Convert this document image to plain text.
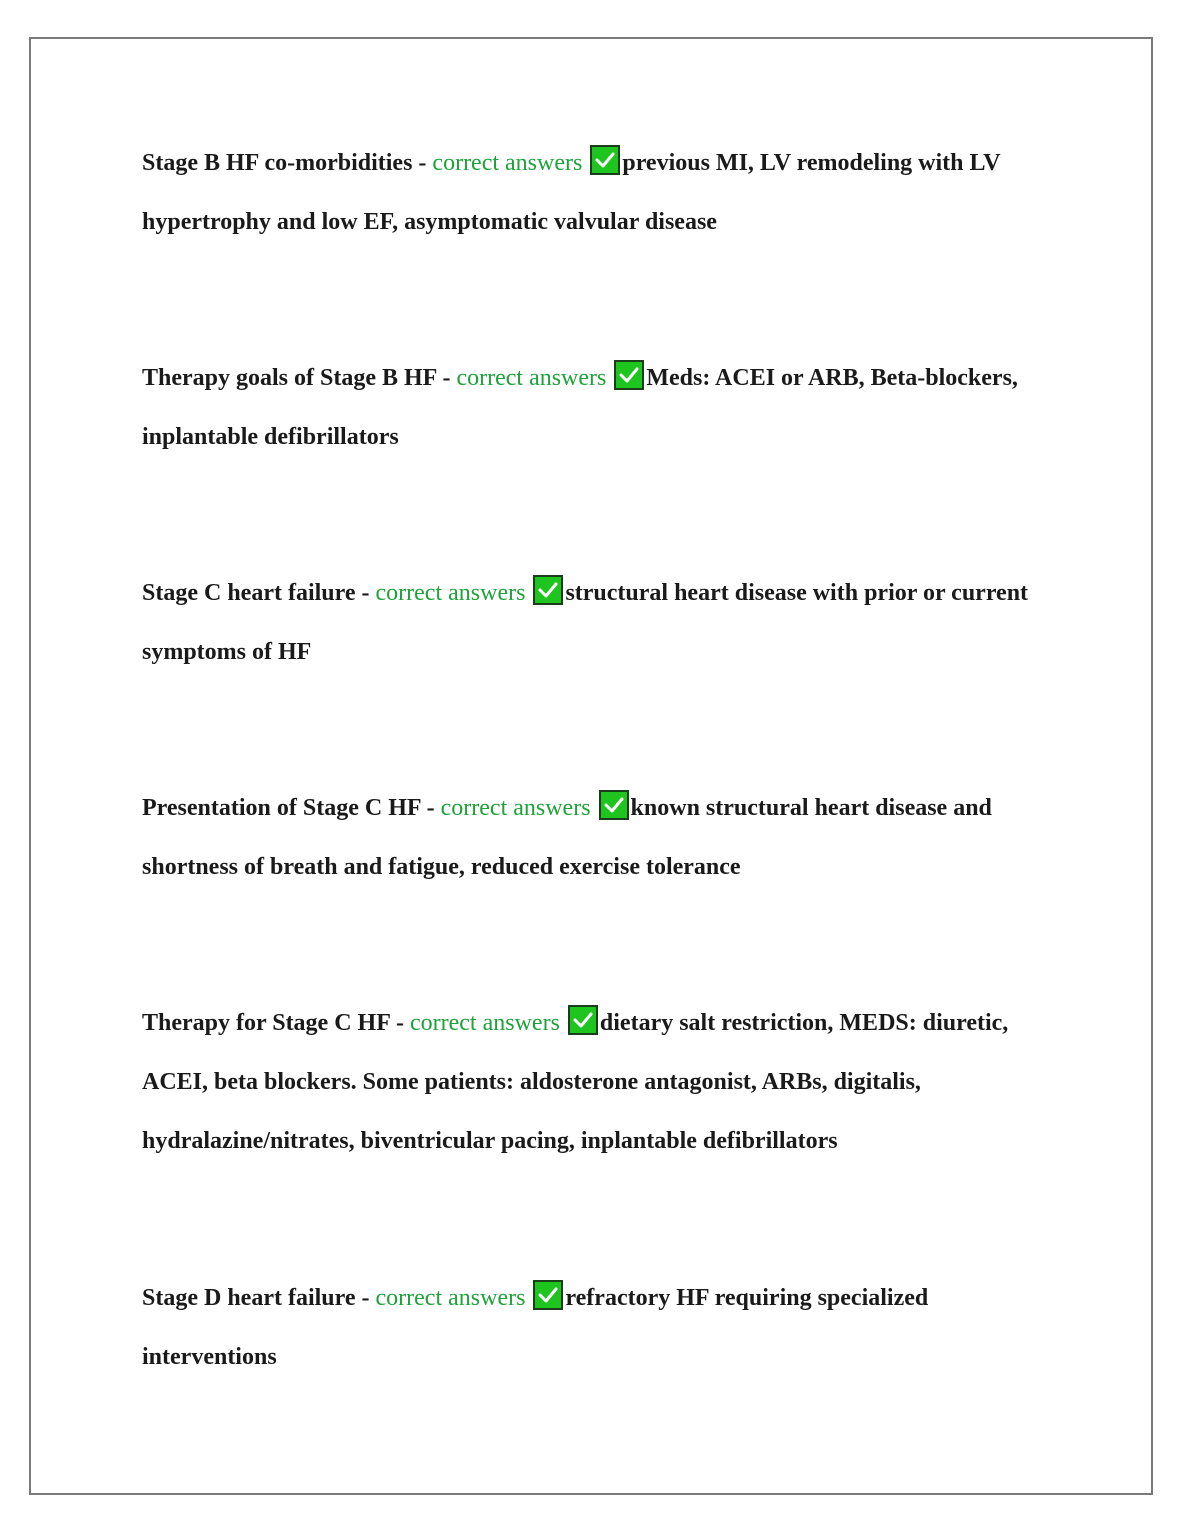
Stage B HF co-morbidities - correct answers previous MI, LV remodeling with LV hypertrophy and low EF, asymptomatic valvular disease
Therapy goals of Stage B HF - correct answers Meds: ACEI or ARB, Beta-blockers, inplantable defibrillators
Stage C heart failure - correct answers structural heart disease with prior or current symptoms of HF
Presentation of Stage C HF - correct answers known structural heart disease and shortness of breath and fatigue, reduced exercise tolerance
Therapy for Stage C HF - correct answers dietary salt restriction, MEDS: diuretic, ACEI, beta blockers. Some patients: aldosterone antagonist, ARBs, digitalis, hydralazine/nitrates, biventricular pacing, inplantable defibrillators
Stage D heart failure - correct answers refractory HF requiring specialized interventions
